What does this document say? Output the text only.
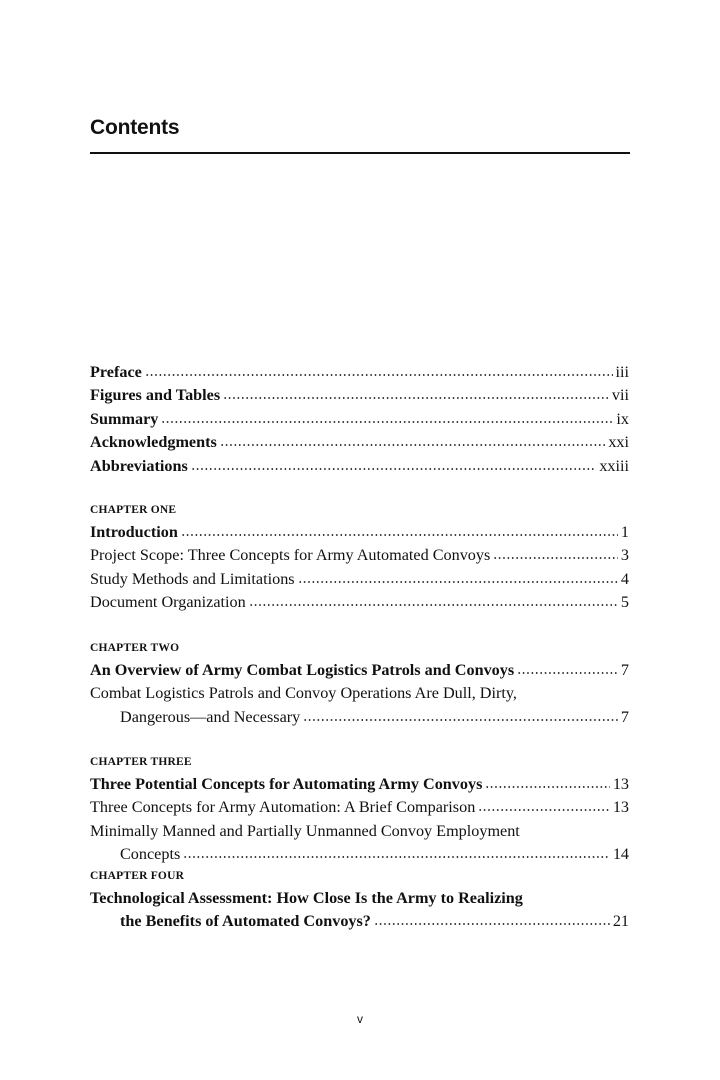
Contents
Preface	iii
Figures and Tables	vii
Summary	ix
Acknowledgments	xxi
Abbreviations	xxiii
CHAPTER ONE
Introduction	1
Project Scope: Three Concepts for Army Automated Convoys	3
Study Methods and Limitations	4
Document Organization	5
CHAPTER TWO
An Overview of Army Combat Logistics Patrols and Convoys	7
Combat Logistics Patrols and Convoy Operations Are Dull, Dirty,
Dangerous—and Necessary	7
CHAPTER THREE
Three Potential Concepts for Automating Army Convoys	13
Three Concepts for Army Automation: A Brief Comparison	13
Minimally Manned and Partially Unmanned Convoy Employment
Concepts	14
CHAPTER FOUR
Technological Assessment: How Close Is the Army to Realizing
the Benefits of Automated Convoys?	21
v
